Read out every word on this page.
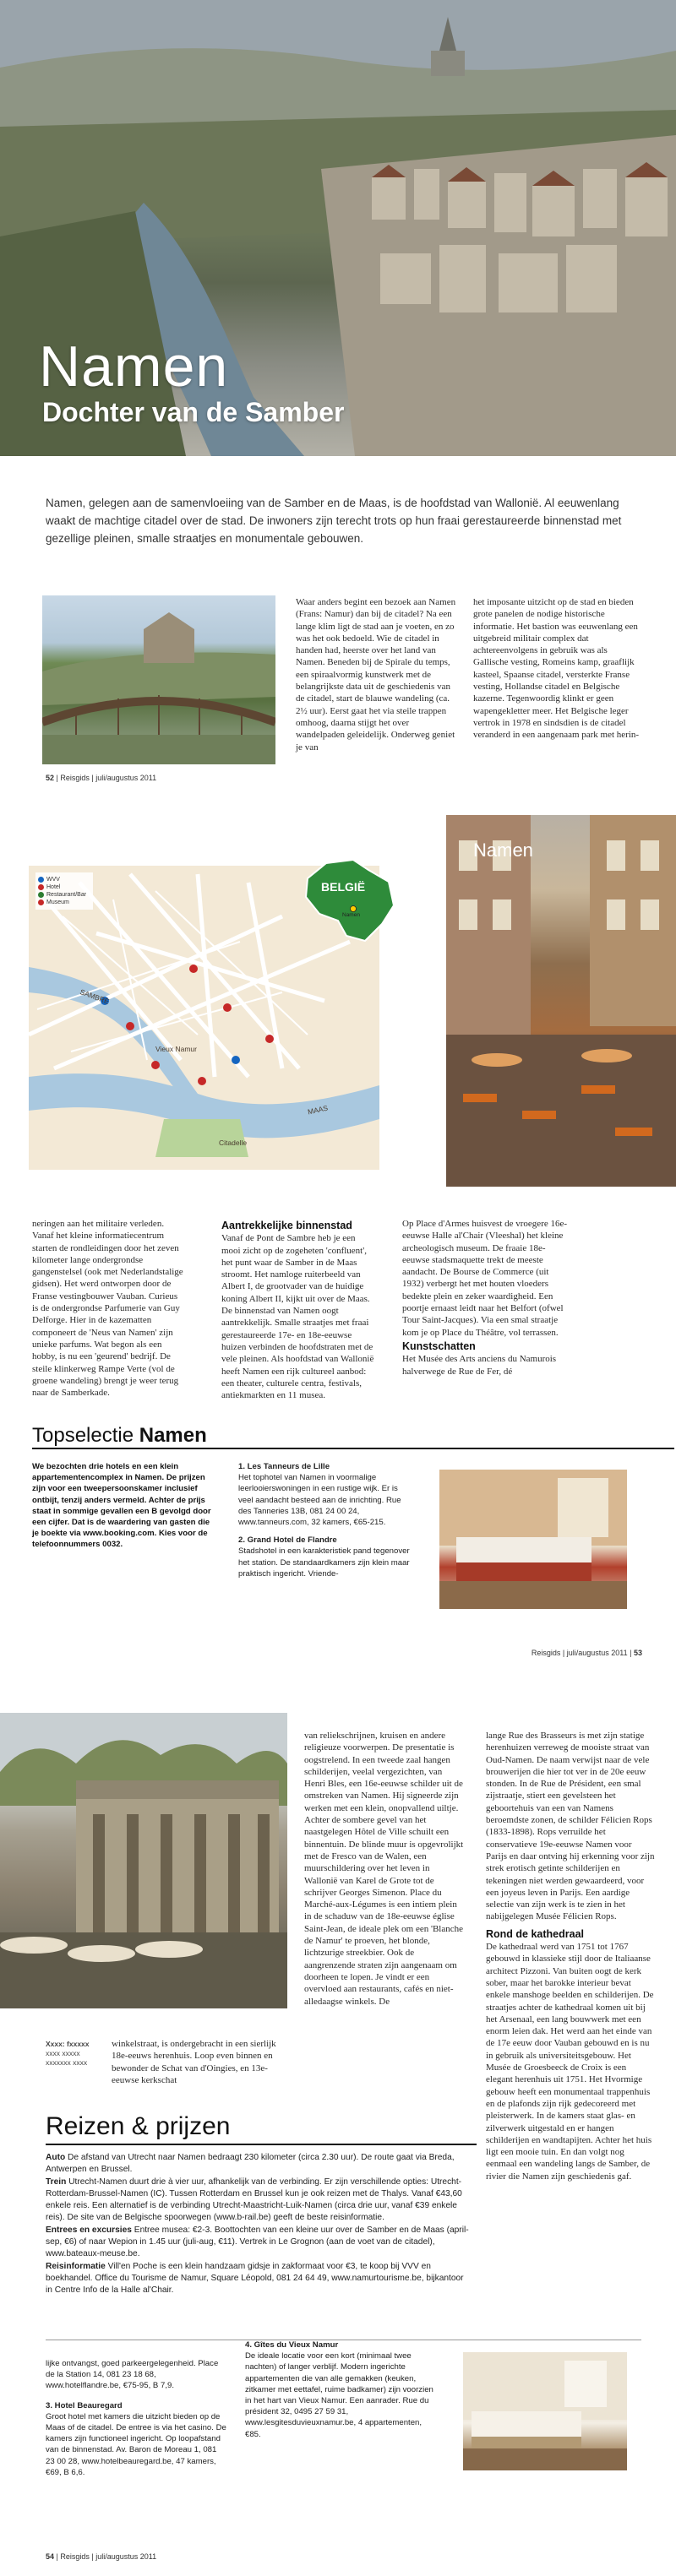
Namen
Dochter van de Samber

Namen, gelegen aan de samenvloeiing van de Samber en de Maas, is de hoofdstad van Wallonië. Al eeuwenlang waakt de machtige citadel over de stad. De inwoners zijn terecht trots op hun fraai gerestaureerde binnenstad met gezellige pleinen, smalle straatjes en monumentale gebouwen.

Waar anders begint een bezoek aan Namen (Frans: Namur) dan bij de citadel? Na een lange klim ligt de stad aan je voeten, en zo was het ook bedoeld. Wie de citadel in handen had, heerste over het land van Namen. Beneden bij de Spirale du temps, een spiraalvormig kunstwerk met de belangrijkste data uit de geschiedenis van de citadel, start de blauwe wandeling (ca. 2½ uur). Eerst gaat het via steile trappen omhoog, daarna stijgt het over wandelpaden geleidelijk. Onderweg geniet je van
het imposante uitzicht op de stad en bieden grote panelen de nodige historische informatie. Het bastion was eeuwenlang een uitgebreid militair complex dat achtereenvolgens in gebruik was als Gallische vesting, Romeins kamp, graaflijk kasteel, Spaanse citadel, versterkte Franse vesting, Hollandse citadel en Belgische kazerne. Tegenwoordig klinkt er geen wapengekletter meer. Het Belgische leger vertrok in 1978 en sindsdien is de citadel veranderd in een aangenaam park met herin-
52 | Reisgids | juli/augustus 2011
WVV
Hotel
Restaurant/Bar
Museum
Vieux Namur
Citadelle
MAAS
SAMBRE
BELGIË
Namen
Namen
neringen aan het militaire verleden. Vanaf het kleine informatiecentrum starten de rondleidingen door het zeven kilometer lange ondergrondse gangenstelsel (ook met Nederlandstalige gidsen). Het werd ontworpen door de Franse vestingbouwer Vauban. Curieus is de ondergrondse Parfumerie van Guy Delforge. Hier in de kazematten componeert de 'Neus van Namen' zijn unieke parfums. Wat begon als een hobby, is nu een 'geurend' bedrijf. De steile klinkerweg Rampe Verte (vol de groene wandeling) brengt je weer terug naar de Samberkade.
Aantrekkelijke binnenstad
Vanaf de Pont de Sambre heb je een mooi zicht op de zogeheten 'confluent', het punt waar de Samber in de Maas stroomt. Het namloge ruiterbeeld van Albert I, de grootvader van de huidige koning Albert II, kijkt uit over de Maas. De binnenstad van Namen oogt aantrekkelijk. Smalle straatjes met fraai gerestaureerde 17e- en 18e-eeuwse huizen verbinden de hoofdstraten met de vele pleinen. Als hoofdstad van Wallonië heeft Namen een rijk cultureel aanbod: een theater, culturele centra, festivals, antiekmarkten en 11 musea.
Op Place d'Armes huisvest de vroegere 16e-eeuwse Halle al'Chair (Vleeshal) het kleine archeologisch museum. De fraaie 18e-eeuwse stadsmaquette trekt de meeste aandacht. De Bourse de Commerce (uit 1932) verbergt het met houten vloeders bedekte plein en zeker waardigheid. Een poortje ernaast leidt naar het Belfort (ofwel Tour Saint-Jacques). Via een smal straatje kom je op Place du Théâtre, vol terrassen.
Kunstschatten
Het Musée des Arts anciens du Namurois halverwege de Rue de Fer, dé
Topselectie Namen
We bezochten drie hotels en een klein appartementencomplex in Namen. De prijzen zijn voor een tweepersoonskamer inclusief ontbijt, tenzij anders vermeld. Achter de prijs staat in sommige gevallen een B gevolgd door een cijfer. Dat is de waardering van gasten die je boekte via www.booking.com. Kies voor de telefoonnummers 0032.
1. Les Tanneurs de Lille
Het tophotel van Namen in voormalige leerlooierswoningen in een rustige wijk. Er is veel aandacht besteed aan de inrichting. Rue des Tanneries 13B, 081 24 00 24, www.tanneurs.com, 32 kamers, €65-215.
2. Grand Hotel de Flandre
Stadshotel in een karakteristiek pand tegenover het station. De standaardkamers zijn klein maar praktisch ingericht. Vriende-
Reisgids | juli/augustus 2011 | 53
van reliekschrijnen, kruisen en andere religieuze voorwerpen. De presentatie is oogstrelend. In een tweede zaal hangen schilderijen, veelal vergezichten, van Henri Bles, een 16e-eeuwse schilder uit de omstreken van Namen. Hij signeerde zijn werken met een klein, onopvallend uiltje. Achter de sombere gevel van het naastgelegen Hôtel de Ville schuilt een binnentuin. De blinde muur is opgevrolijkt met de Fresco van de Walen, een muurschildering over het leven in Wallonië van Karel de Grote tot de schrijver Georges Simenon. Place du Marché-aux-Légumes is een intiem plein in de schaduw van de 18e-eeuwse église Saint-Jean, de ideale plek om een 'Blanche de Namur' te proeven, het blonde, lichtzurige streekbier. Ook de aangrenzende straten zijn aangenaam om doorheen te lopen. Je vindt er een overvloed aan restaurants, cafés en niet-alledaagse winkels. De
lange Rue des Brasseurs is met zijn statige herenhuizen verreweg de mooiste straat van Oud-Namen. De naam verwijst naar de vele brouwerijen die hier tot ver in de 20e eeuw stonden. In de Rue de Président, een smal zijstraatje, stiert een gevelsteen het geboortehuis van een van Namens beroemdste zonen, de schilder Félicien Rops (1833-1898). Rops verruilde het conservatieve 19e-eeuwse Namen voor Parijs en daar ontving hij erkenning voor zijn strek erotisch getinte schilderijen en tekeningen niet werden gewaardeerd, voor een joyeus leven in Parijs. Een aardige selectie van zijn werk is te zien in het nabijgelegen Musée Félicien Rops.
Rond de kathedraal
De kathedraal werd van 1751 tot 1767 gebouwd in klassieke stijl door de Italiaanse architect Pizzoni. Van buiten oogt de kerk sober, maar het barokke interieur bevat enkele manshoge beelden en schilderijen. De straatjes achter de kathedraal komen uit bij het Arsenaal, een lang bouwwerk met een enorm leien dak. Het werd aan het einde van de 17e eeuw door Vauban gebouwd en is nu in gebruik als universiteitsgebouw. Het Musée de Groesbeeck de Croix is een elegant herenhuis uit 1751. Het Hvormige gebouw heeft een monumentaal trappenhuis en de plafonds zijn rijk gedecoreerd met pleisterwerk. In de kamers staat glas- en zilverwerk uitgestald en er hangen schilderijen en wandtapijten. Achter het huis ligt een mooie tuin. En dan volgt nog eenmaal een wandeling langs de Samber, de rivier die Namen zijn geschiedenis gaf.
Xxxx: fxxxxx
xxxx xxxxx xxxxxxx xxxx
winkelstraat, is ondergebracht in een sierlijk 18e-eeuws herenhuis. Loop even binnen en bewonder de Schat van d'Oingies, en 13e-eeuwse kerkschat
Reizen & prijzen

Auto De afstand van Utrecht naar Namen bedraagt 230 kilometer (circa 2.30 uur). De route gaat via Breda, Antwerpen en Brussel.

Trein Utrecht-Namen duurt drie à vier uur, afhankelijk van de verbinding. Er zijn verschillende opties: Utrecht-Rotterdam-Brussel-Namen (IC). Tussen Rotterdam en Brussel kun je ook reizen met de Thalys. Vanaf €43,60 enkele reis. Een alternatief is de verbinding Utrecht-Maastricht-Luik-Namen (circa drie uur, vanaf €39 enkele reis). De site van de Belgische spoorwegen (www.b-rail.be) geeft de beste reisinformatie.

Entrees en excursies Entree musea: €2-3. Boottochten van een kleine uur over de Samber en de Maas (april-sep, €6) of naar Wepion in 1.45 uur (juli-aug, €11). Vertrek in Le Grognon (aan de voet van de citadel), www.bateaux-meuse.be.

Reisinformatie Vill'en Poche is een klein handzaam gidsje in zakformaat voor €3, te koop bij VVV en boekhandel. Office du Tourisme de Namur, Square Léopold, 081 24 64 49, www.namurtourisme.be, bijkantoor in Centre Info de la Halle al'Chair.

lijke ontvangst, goed parkeergelegenheid. Place de la Station 14, 081 23 18 68, www.hotelflandre.be, €75-95, B 7,9.
3. Hotel Beauregard
Groot hotel met kamers die uitzicht bieden op de Maas of de citadel. De entree is via het casino. De kamers zijn functioneel ingericht. Op loopafstand van de binnenstad. Av. Baron de Moreau 1, 081 23 00 28, www.hotelbeauregard.be, 47 kamers, €69, B 6,6.
4. Gîtes du Vieux Namur
De ideale locatie voor een kort (minimaal twee nachten) of langer verblijf. Modern ingerichte appartementen die van alle gemakken (keuken, zitkamer met eettafel, ruime badkamer) zijn voorzien in het hart van Vieux Namur. Een aanrader. Rue du président 32, 0495 27 59 31, www.lesgitesduvieuxnamur.be, 4 appartementen, €85.
54 | Reisgids | juli/augustus 2011
